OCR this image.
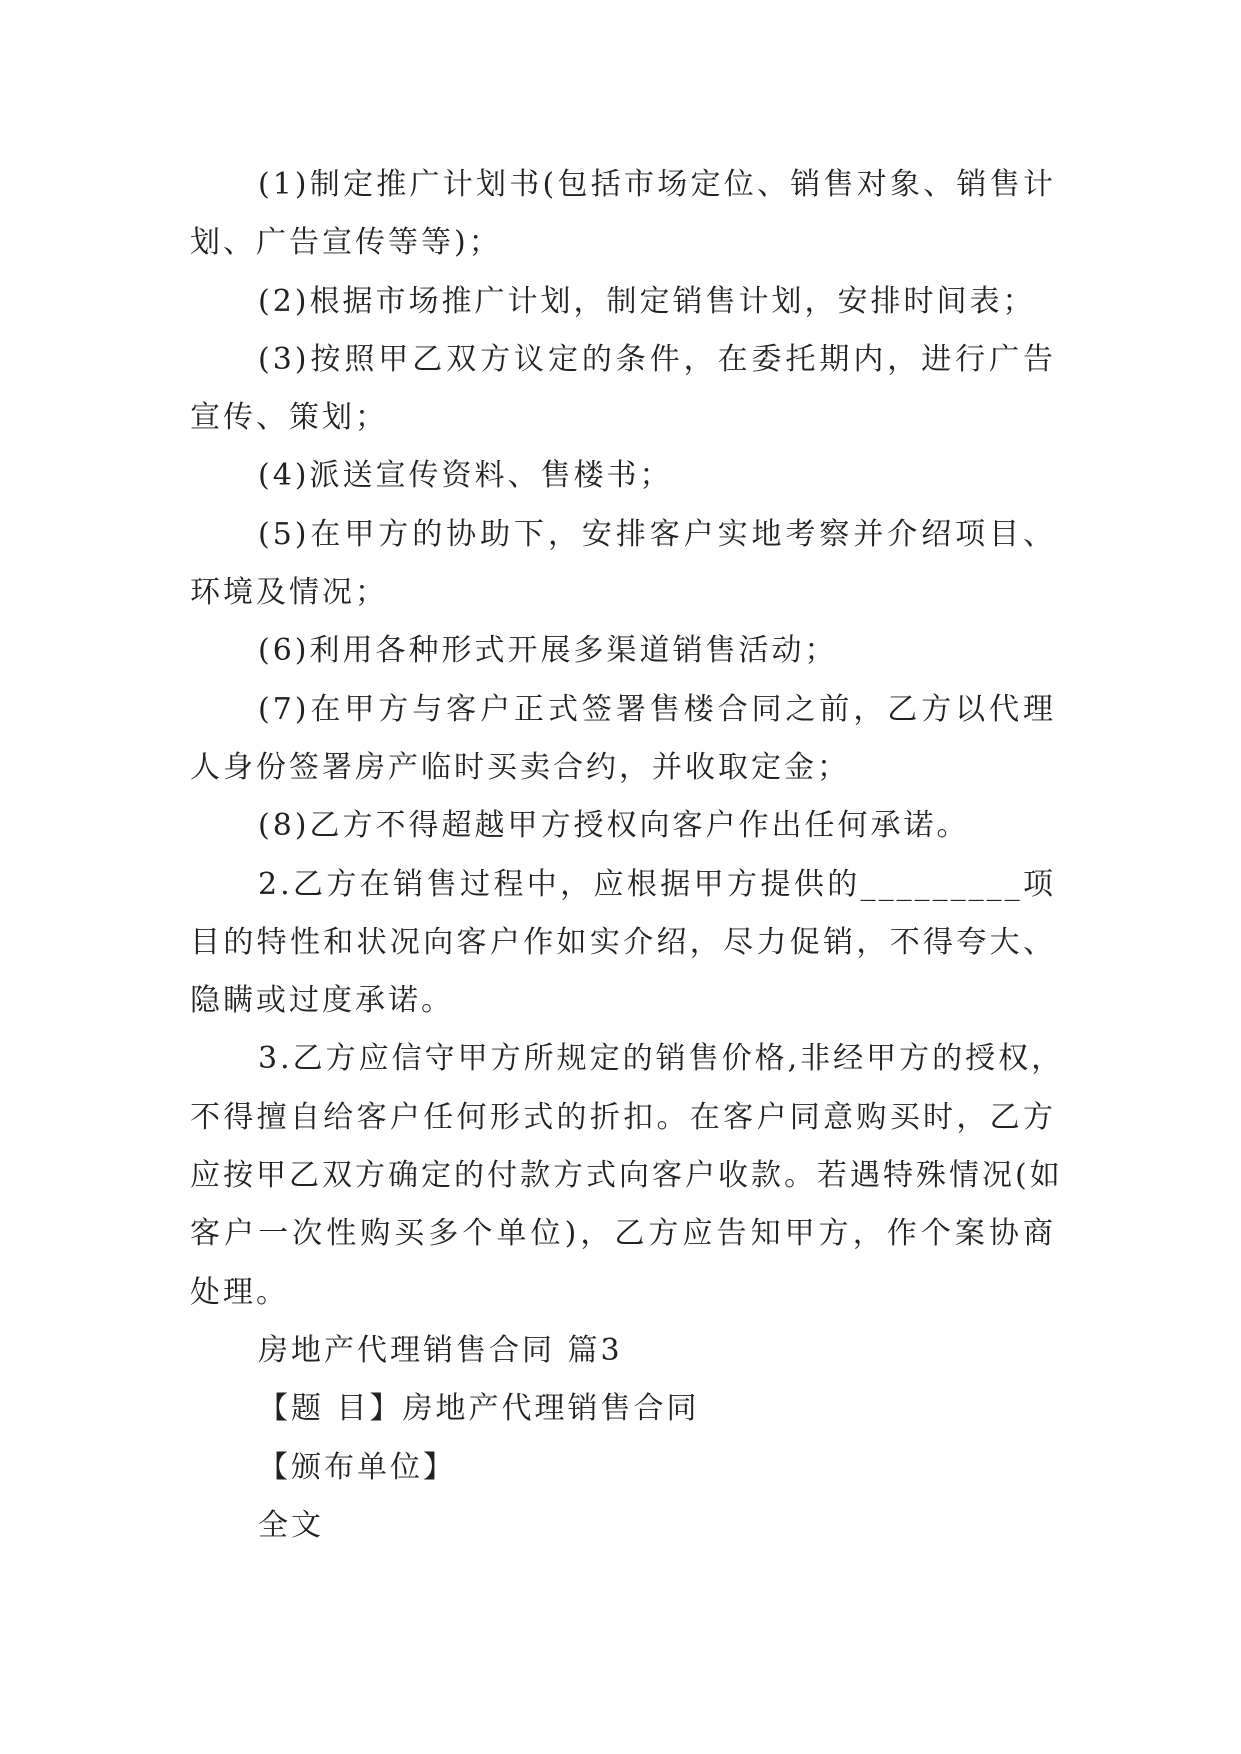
(1)制定推广计划书(包括市场定位、销售对象、销售计
划、广告宣传等等)；
(2)根据市场推广计划，制定销售计划，安排时间表；
(3)按照甲乙双方议定的条件，在委托期内，进行广告
宣传、策划；
(4)派送宣传资料、售楼书；
(5)在甲方的协助下，安排客户实地考察并介绍项目、
环境及情况；
(6)利用各种形式开展多渠道销售活动；
(7)在甲方与客户正式签署售楼合同之前，乙方以代理
人身份签署房产临时买卖合约，并收取定金；
(8)乙方不得超越甲方授权向客户作出任何承诺。
2.乙方在销售过程中，应根据甲方提供的_________项
目的特性和状况向客户作如实介绍，尽力促销，不得夸大、
隐瞒或过度承诺。
3.乙方应信守甲方所规定的销售价格,非经甲方的授权，
不得擅自给客户任何形式的折扣。在客户同意购买时，乙方
应按甲乙双方确定的付款方式向客户收款。若遇特殊情况(如
客户一次性购买多个单位)，乙方应告知甲方，作个案协商
处理。
房地产代理销售合同 篇3
【题 目】房地产代理销售合同
【颁布单位】
全文
